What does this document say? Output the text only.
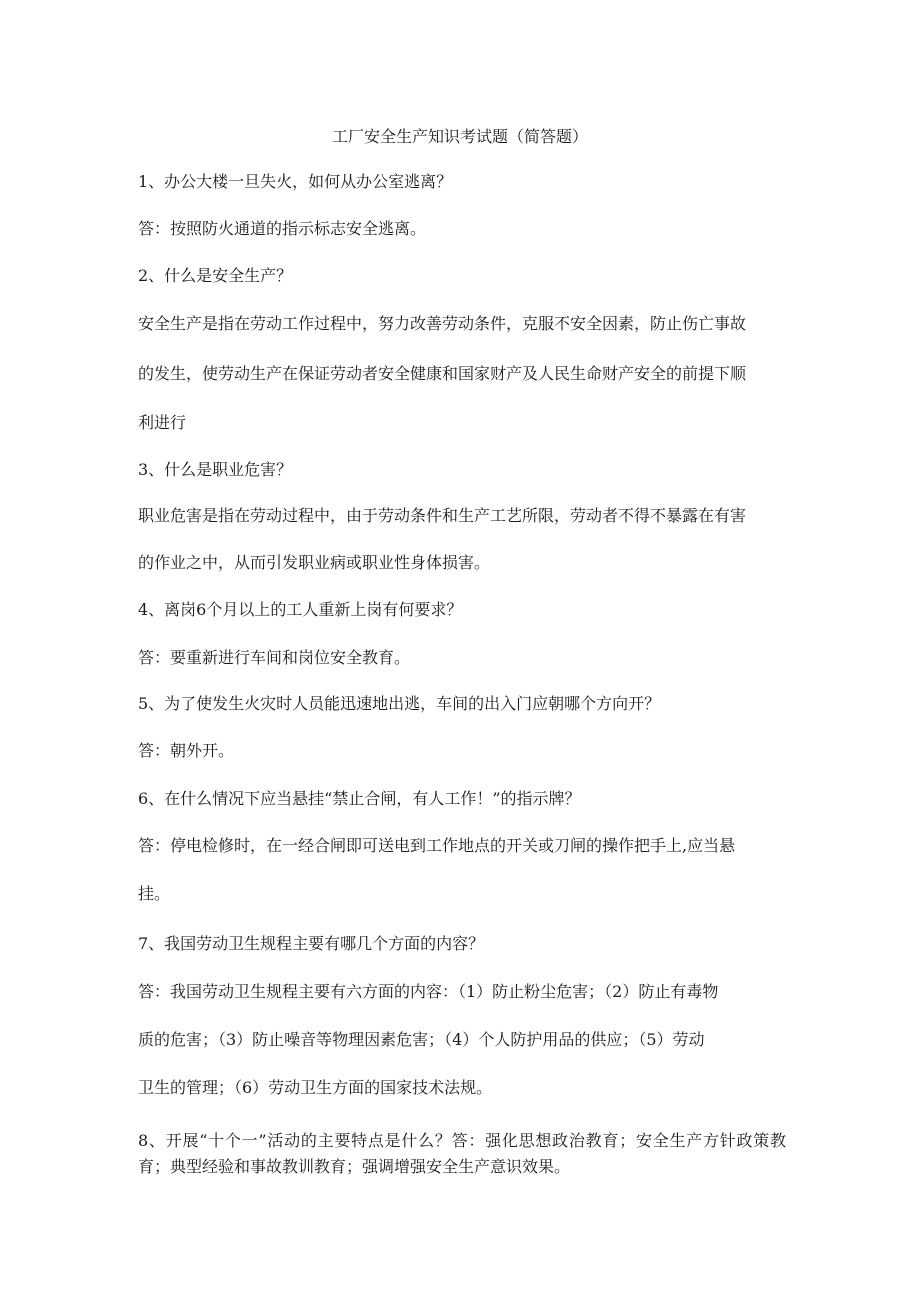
工厂安全生产知识考试题（简答题）
1、办公大楼一旦失火，如何从办公室逃离？
答：按照防火通道的指示标志安全逃离。
2、什么是安全生产？
安全生产是指在劳动工作过程中，努力改善劳动条件，克服不安全因素，防止伤亡事故
的发生，使劳动生产在保证劳动者安全健康和国家财产及人民生命财产安全的前提下顺
利进行
3、什么是职业危害？
职业危害是指在劳动过程中，由于劳动条件和生产工艺所限，劳动者不得不暴露在有害
的作业之中，从而引发职业病或职业性身体损害。
4、离岗6个月以上的工人重新上岗有何要求？
答：要重新进行车间和岗位安全教育。
5、为了使发生火灾时人员能迅速地出逃，车间的出入门应朝哪个方向开？
答：朝外开。
6、在什么情况下应当悬挂“禁止合闸，有人工作！”的指示牌？
答：停电检修时，在一经合闸即可送电到工作地点的开关或刀闸的操作把手上,应当悬
挂。
7、我国劳动卫生规程主要有哪几个方面的内容？
答：我国劳动卫生规程主要有六方面的内容：（1）防止粉尘危害；（2）防止有毒物
质的危害；（3）防止噪音等物理因素危害；（4）个人防护用品的供应；（5）劳动
卫生的管理；（6）劳动卫生方面的国家技术法规。
8、开展“十个一”活动的主要特点是什么？答：强化思想政治教育；安全生产方针政策教育；典型经验和事故教训教育；强调增强安全生产意识效果。
